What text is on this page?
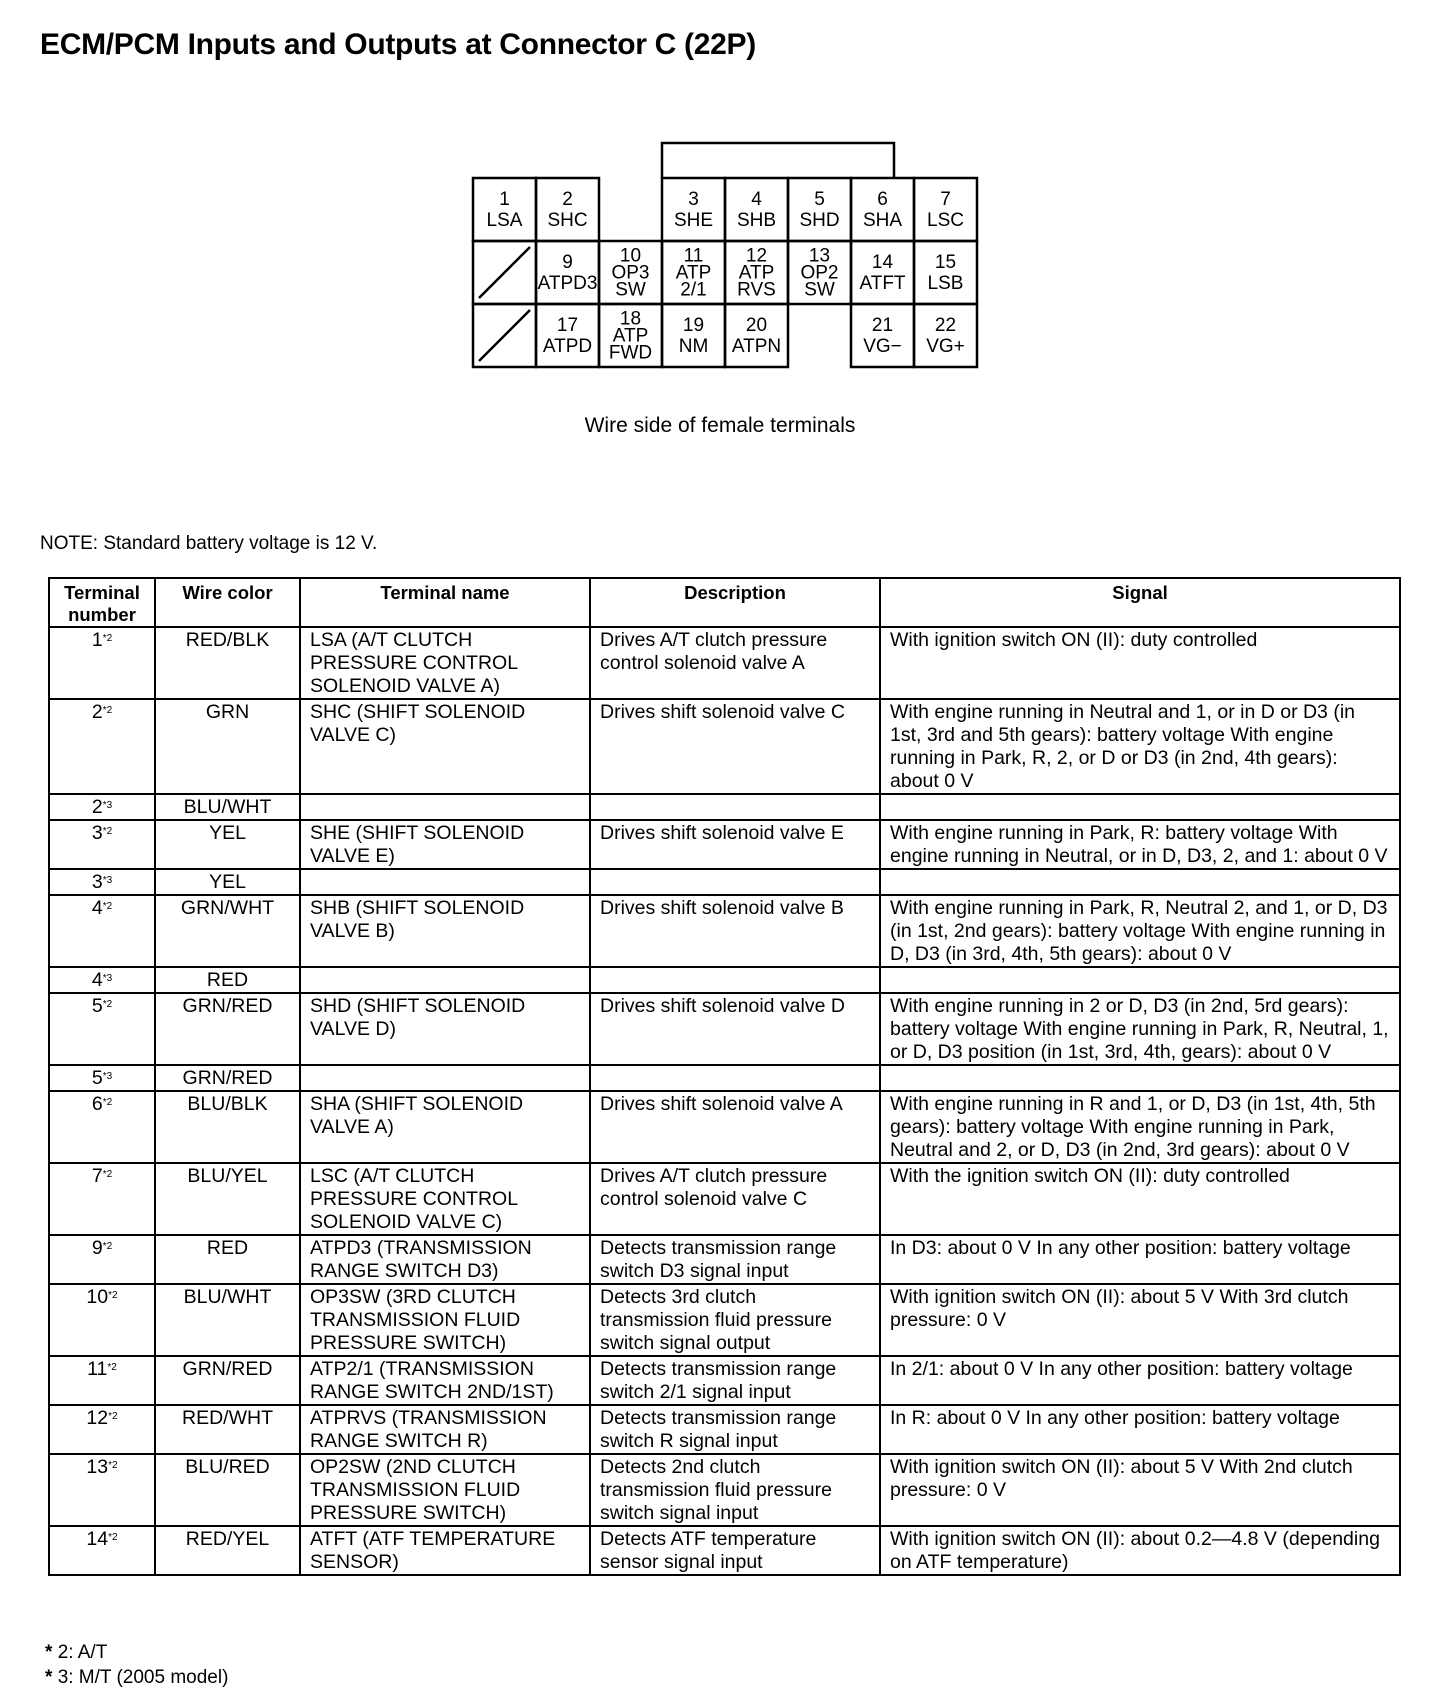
ECM/PCM Inputs and Outputs at Connector C (22P)
1
LSA
2
SHC
3
SHE
4
SHB
5
SHD
6
SHA
7
LSC
9
ATPD3
10
OP3
SW
11
ATP
2/1
12
ATP
RVS
13
OP2
SW
14
ATFT
15
LSB
17
ATPD
18
ATP
FWD
19
NM
20
ATPN
21
VG−
22
VG+
Wire side of female terminals
NOTE: Standard battery voltage is 12 V.
Terminal number	Wire color	Terminal name	Description	Signal
1$^{*2}$	RED/BLK	LSA (A/T CLUTCH PRESSURE CONTROL SOLENOID VALVE A)	Drives A/T clutch pressure control solenoid valve A	With ignition switch ON (II): duty controlled
2$^{*2}$	GRN	SHC (SHIFT SOLENOID VALVE C)	Drives shift solenoid valve C	With engine running in Neutral and 1, or in D or D3 (in 1st, 3rd and 5th gears): battery voltage With engine running in Park, R, 2, or D or D3 (in 2nd, 4th gears): about 0 V
2$^{*3}$	BLU/WHT			
3$^{*2}$	YEL	SHE (SHIFT SOLENOID VALVE E)	Drives shift solenoid valve E	With engine running in Park, R: battery voltage With engine running in Neutral, or in D, D3, 2, and 1: about 0 V
3$^{*3}$	YEL			
4$^{*2}$	GRN/WHT	SHB (SHIFT SOLENOID VALVE B)	Drives shift solenoid valve B	With engine running in Park, R, Neutral 2, and 1, or D, D3 (in 1st, 2nd gears): battery voltage With engine running in D, D3 (in 3rd, 4th, 5th gears): about 0 V
4$^{*3}$	RED			
5$^{*2}$	GRN/RED	SHD (SHIFT SOLENOID VALVE D)	Drives shift solenoid valve D	With engine running in 2 or D, D3 (in 2nd, 5rd gears): battery voltage With engine running in Park, R, Neutral, 1, or D, D3 position (in 1st, 3rd, 4th, gears): about 0 V
5$^{*3}$	GRN/RED			
6$^{*2}$	BLU/BLK	SHA (SHIFT SOLENOID VALVE A)	Drives shift solenoid valve A	With engine running in R and 1, or D, D3 (in 1st, 4th, 5th gears): battery voltage With engine running in Park, Neutral and 2, or D, D3 (in 2nd, 3rd gears): about 0 V
7$^{*2}$	BLU/YEL	LSC (A/T CLUTCH PRESSURE CONTROL SOLENOID VALVE C)	Drives A/T clutch pressure control solenoid valve C	With the ignition switch ON (II): duty controlled
9$^{*2}$	RED	ATPD3 (TRANSMISSION RANGE SWITCH D3)	Detects transmission range switch D3 signal input	In D3: about 0 V In any other position: battery voltage
10$^{*2}$	BLU/WHT	OP3SW (3RD CLUTCH TRANSMISSION FLUID PRESSURE SWITCH)	Detects 3rd clutch transmission fluid pressure switch signal output	With ignition switch ON (II): about 5 V With 3rd clutch pressure: 0 V
11$^{*2}$	GRN/RED	ATP2/1 (TRANSMISSION RANGE SWITCH 2ND/1ST)	Detects transmission range switch 2/1 signal input	In 2/1: about 0 V In any other position: battery voltage
12$^{*2}$	RED/WHT	ATPRVS (TRANSMISSION RANGE SWITCH R)	Detects transmission range switch R signal input	In R: about 0 V In any other position: battery voltage
13$^{*2}$	BLU/RED	OP2SW (2ND CLUTCH TRANSMISSION FLUID PRESSURE SWITCH)	Detects 2nd clutch transmission fluid pressure switch signal input	With ignition switch ON (II): about 5 V With 2nd clutch pressure: 0 V
14$^{*2}$	RED/YEL	ATFT (ATF TEMPERATURE SENSOR)	Detects ATF temperature sensor signal input	With ignition switch ON (II): about 0.2—4.8 V (depending on ATF temperature)
* 2: A/T
* 3: M/T (2005 model)
